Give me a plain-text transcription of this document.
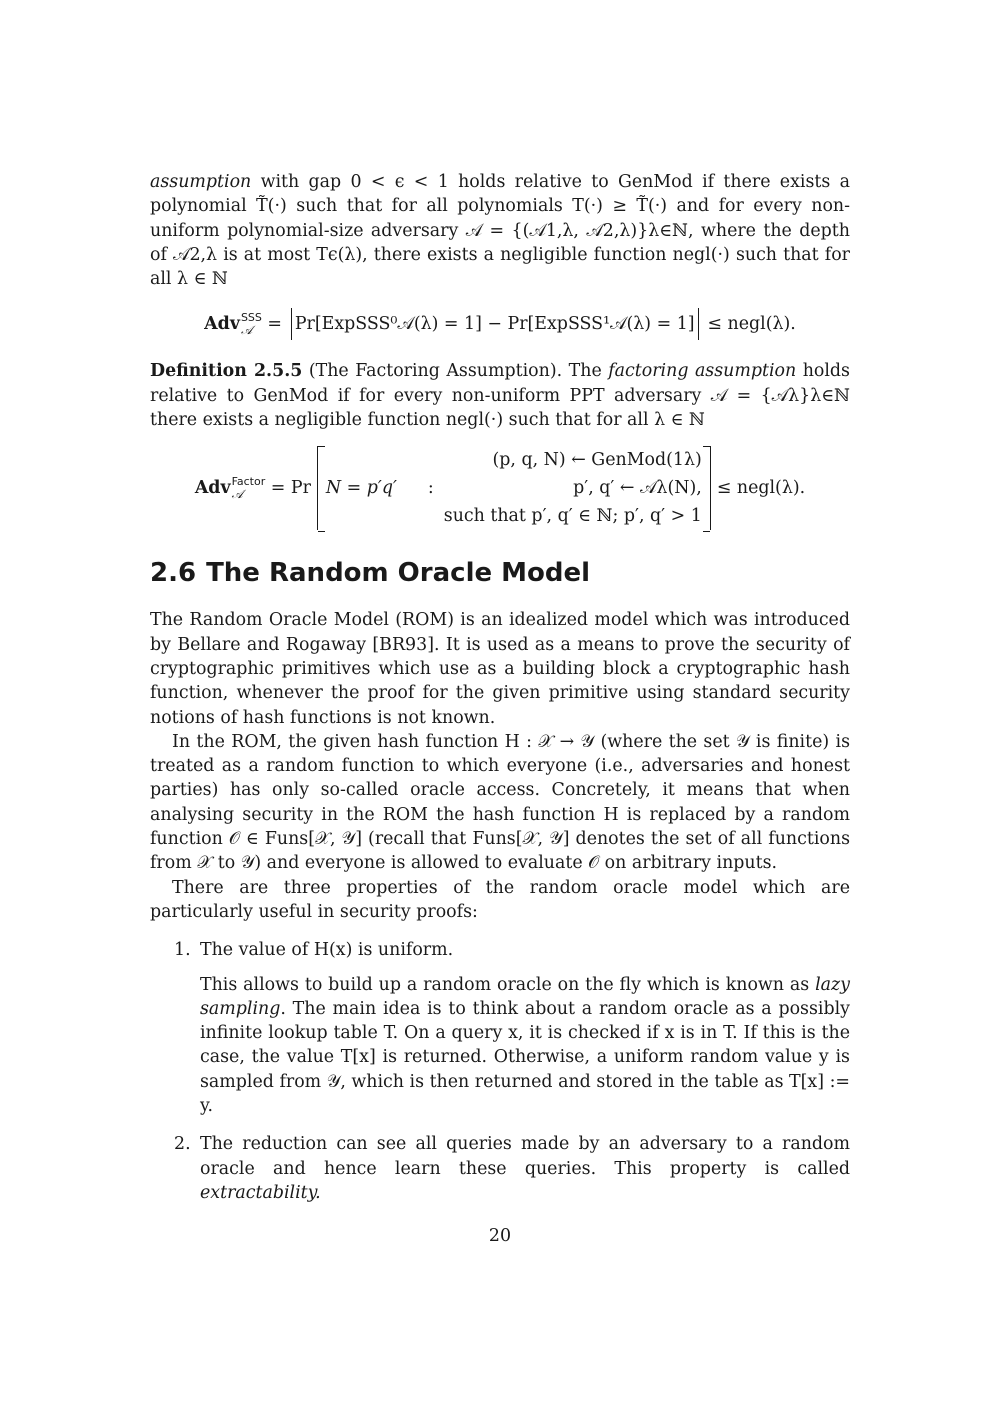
assumption with gap 0 < ϵ < 1 holds relative to GenMod if there exists a polynomial T̃(·) such that for all polynomials T(·) ≥ T̃(·) and for every non-uniform polynomial-size adversary 𝒜 = {(𝒜1,λ, 𝒜2,λ)}λ∈ℕ, where the depth of 𝒜2,λ is at most Tϵ(λ), there exists a negligible function negl(·) such that for all λ ∈ ℕ

Adv SSS
𝒜 = Pr[ExpSSS⁰𝒜(λ) = 1] − Pr[ExpSSS¹𝒜(λ) = 1] ≤ negl(λ).

Definition 2.5.5 (The Factoring Assumption). The factoring assumption holds relative to GenMod if for every non-uniform PPT adversary 𝒜 = {𝒜λ}λ∈ℕ there exists a negligible function negl(·) such that for all λ ∈ ℕ

Adv Factor
𝒜	= Pr N = p′q′	:
(p, q, N) ← GenMod(1λ)
p′, q′ ← 𝒜λ(N),
such that p′, q′ ∈ ℕ; p′, q′ > 1
≤ negl(λ).
2.6 The Random Oracle Model

The Random Oracle Model (ROM) is an idealized model which was introduced by Bellare and Rogaway [BR93]. It is used as a means to prove the security of cryptographic primitives which use as a building block a cryptographic hash function, whenever the proof for the given primitive using standard security notions of hash functions is not known.

In the ROM, the given hash function H : 𝒳 → 𝒴 (where the set 𝒴 is finite) is treated as a random function to which everyone (i.e., adversaries and honest parties) has only so-called oracle access. Concretely, it means that when analysing security in the ROM the hash function H is replaced by a random function 𝒪 ∈ Funs[𝒳, 𝒴] (recall that Funs[𝒳, 𝒴] denotes the set of all functions from 𝒳 to 𝒴) and everyone is allowed to evaluate 𝒪 on arbitrary inputs.

There are three properties of the random oracle model which are particularly useful in security proofs:

1. The value of H(x) is uniform.

This allows to build up a random oracle on the fly which is known as lazy sampling. The main idea is to think about a random oracle as a possibly infinite lookup table T. On a query x, it is checked if x is in T. If this is the case, the value T[x] is returned. Otherwise, a uniform random value y is sampled from 𝒴, which is then returned and stored in the table as T[x] := y.

2. The reduction can see all queries made by an adversary to a random oracle and hence learn these queries. This property is called extractability.

20
